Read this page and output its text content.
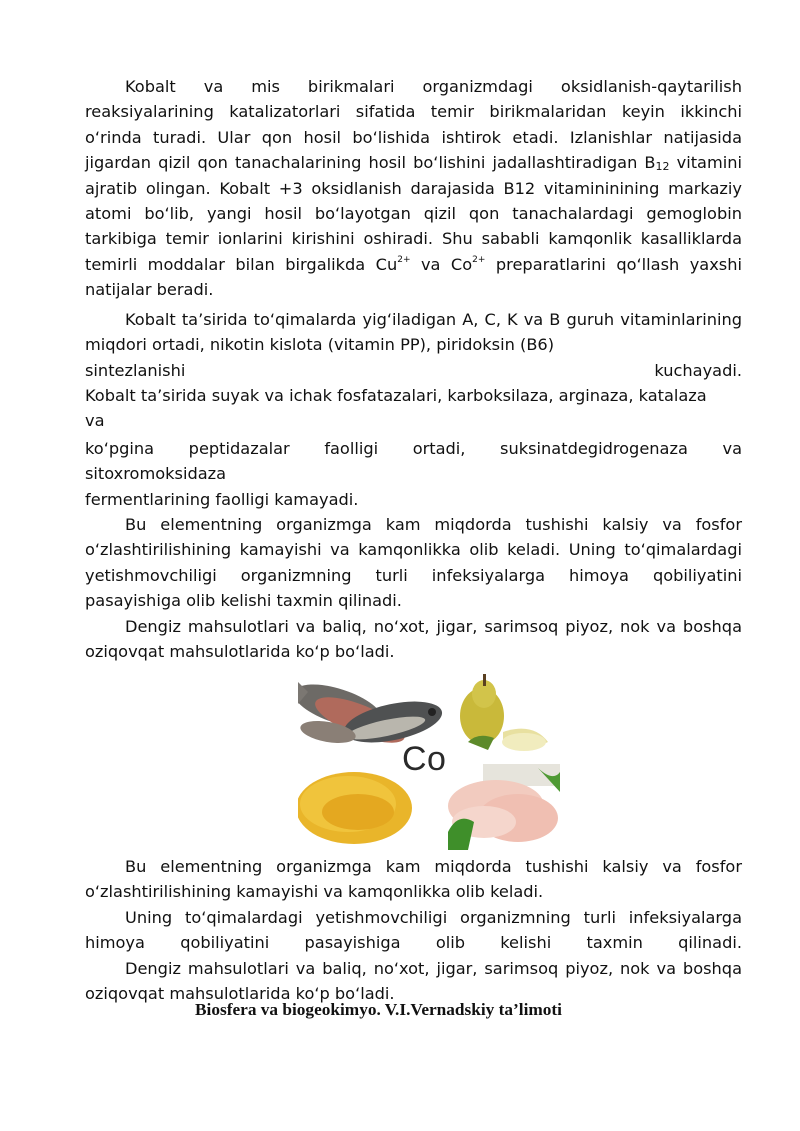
Kobalt va mis birikmalari organizmdagi oksidlanish-qaytarilish reaksiyalarining katalizatorlari sifatida temir birikmalaridan keyin ikkinchi o‘rinda turadi. Ular qon hosil bo‘lishida ishtirok etadi. Izlanishlar natijasida jigardan qizil qon tanachalarining hosil bo‘lishini jadallashtiradigan $B_{12}$ vitamini ajratib olingan. Kobalt +3 oksidlanish darajasida B12 vitamininining markaziy atomi bo‘lib, yangi hosil bo‘layotgan qizil qon tanachalardagi gemoglobin tarkibiga temir ionlarini kirishini oshiradi. Shu sababli kamqonlik kasalliklarda temirli moddalar bilan birgalikda $Cu^{2+}$ va $Co^{2+}$ preparatlarini qo‘llash yaxshi natijalar beradi.

Kobalt ta’sirida to‘qimalarda yig‘iladigan A, C, K va B guruh vitaminlarining miqdori ortadi, nikotin kislota (vitamin PP), piridoksin (B6)

sintezlanishi	kuchayadi.
Kobalt ta’sirida suyak va ichak fosfatazalari, karboksilaza, arginaza, katalaza
va
ko‘pgina peptidazalar faolligi ortadi, suksinatdegidrogenaza va
sitoxromoksidaza
fermentlarining faolligi kamayadi.

Bu elementning organizmga kam miqdorda tushishi kalsiy va fosfor o‘zlashtirilishining kamayishi va kamqonlikka olib keladi. Uning to‘qimalardagi yetishmovchiligi organizmning turli infeksiyalarga himoya qobiliyatini pasayishiga olib kelishi taxmin qilinadi.

Dengiz mahsulotlari va baliq, no‘xot, jigar, sarimsoq piyoz, nok va boshqa oziqovqat mahsulotlarida ko‘p bo‘ladi.

Co

Bu elementning organizmga kam miqdorda tushishi kalsiy va fosfor o‘zlashtirilishining kamayishi va kamqonlikka olib keladi.

Uning to‘qimalardagi yetishmovchiligi organizmning turli infeksiyalarga himoya qobiliyatini pasayishiga olib kelishi taxmin qilinadi.

Dengiz mahsulotlari va baliq, no‘xot, jigar, sarimsoq piyoz, nok va boshqa oziqovqat mahsulotlarida ko‘p bo‘ladi.

Biosfera va biogeokimyo. V.I.Vernadskiy ta’limoti
